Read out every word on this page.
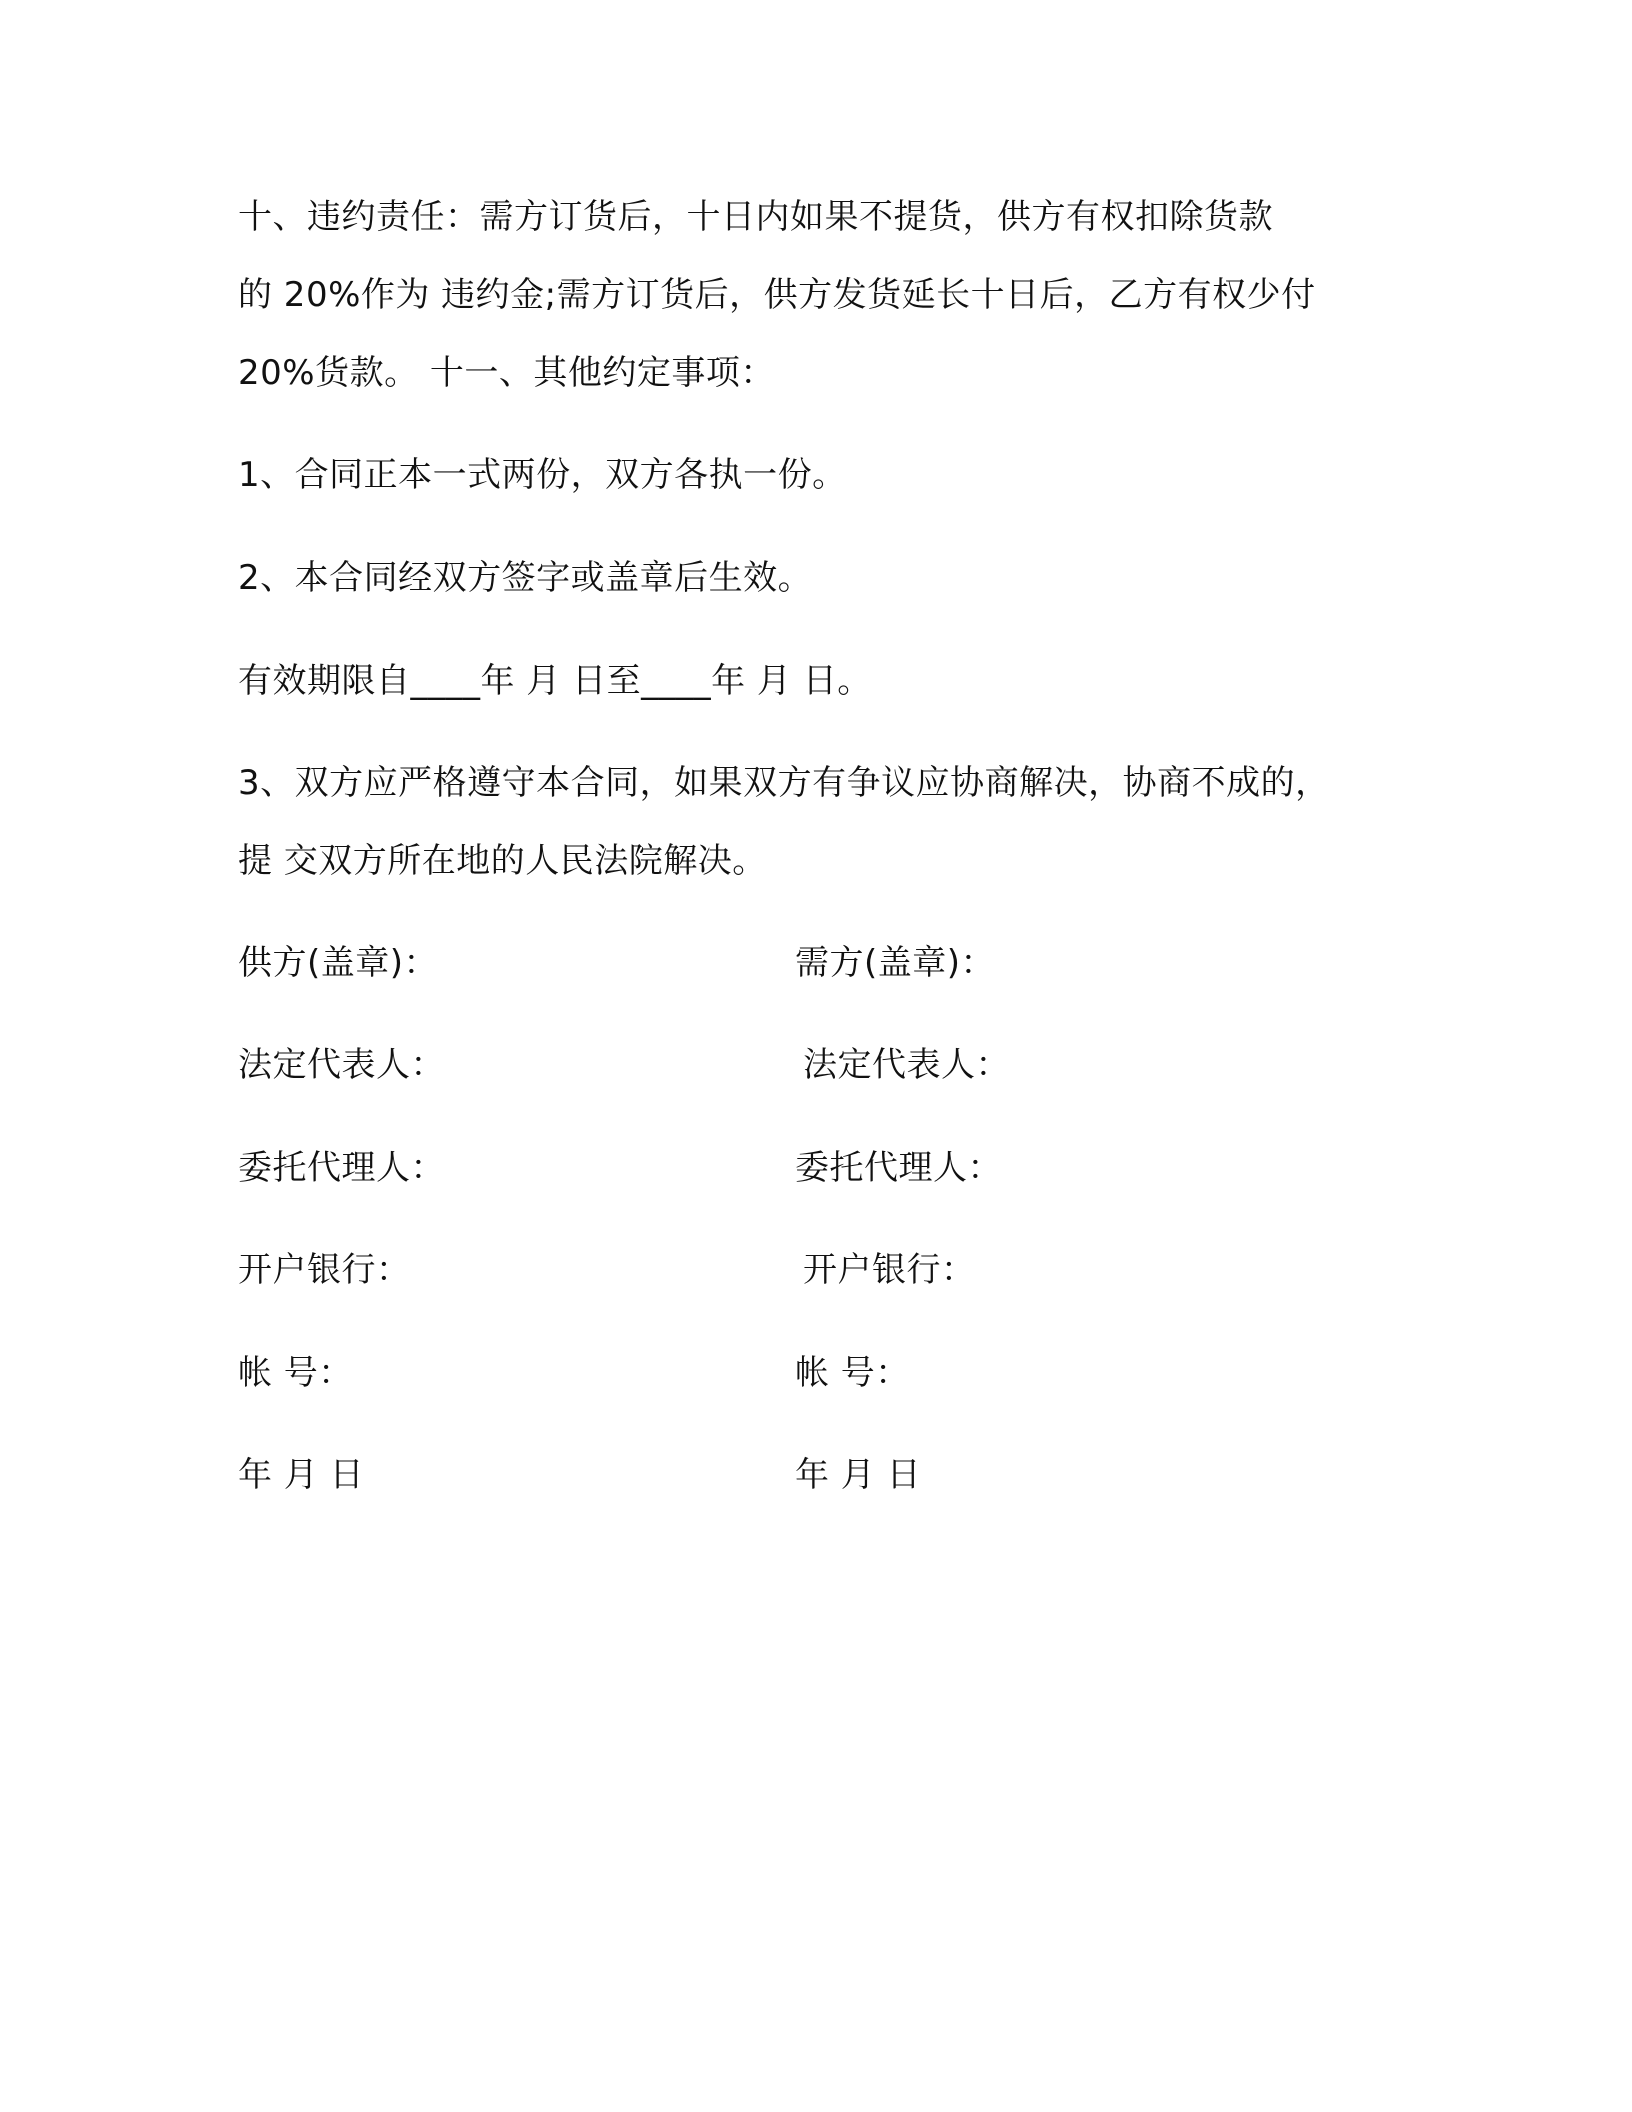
十、违约责任：需方订货后，十日内如果不提货，供方有权扣除货款
的 20%作为 违约金;需方订货后，供方发货延长十日后，乙方有权少付
20%货款。 十一、其他约定事项：
1、合同正本一式两份，双方各执一份。
2、本合同经双方签字或盖章后生效。
有效期限自____年 月 日至____年 月 日。
3、双方应严格遵守本合同，如果双方有争议应协商解决，协商不成的，
提 交双方所在地的人民法院解决。
供方(盖章)：	需方(盖章)：
法定代表人：	法定代表人：
委托代理人：	委托代理人：
开户银行：	开户银行：
帐 号：	帐 号：
年 月 日	年 月 日
